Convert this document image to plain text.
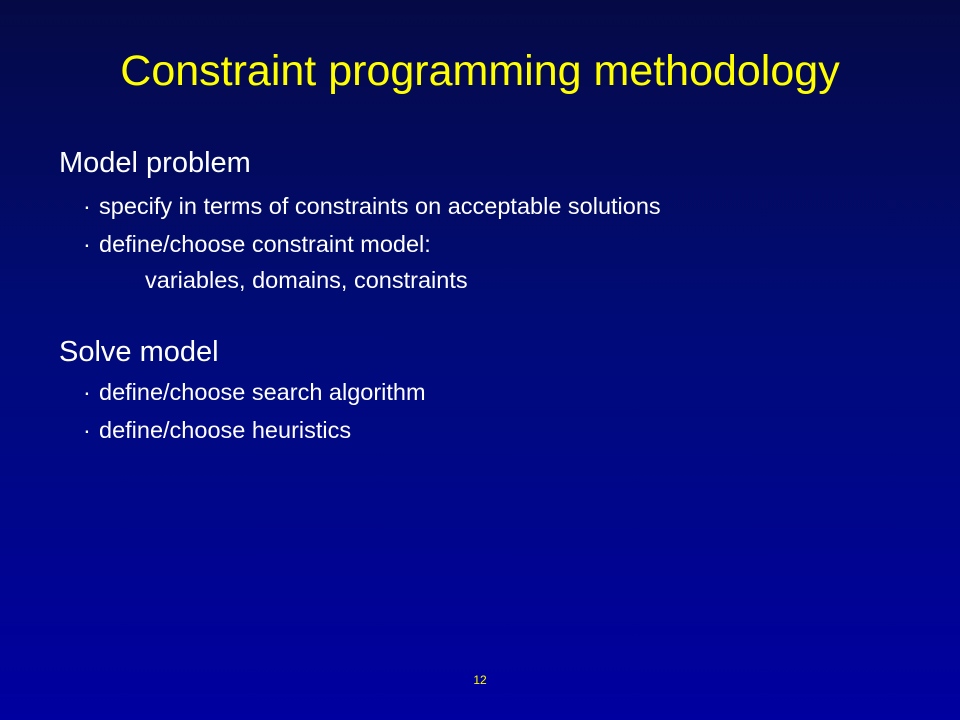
Constraint programming methodology
Model problem
· specify in terms of constraints on acceptable solutions
· define/choose constraint model:
variables, domains, constraints
Solve model
· define/choose search algorithm
· define/choose heuristics
12
